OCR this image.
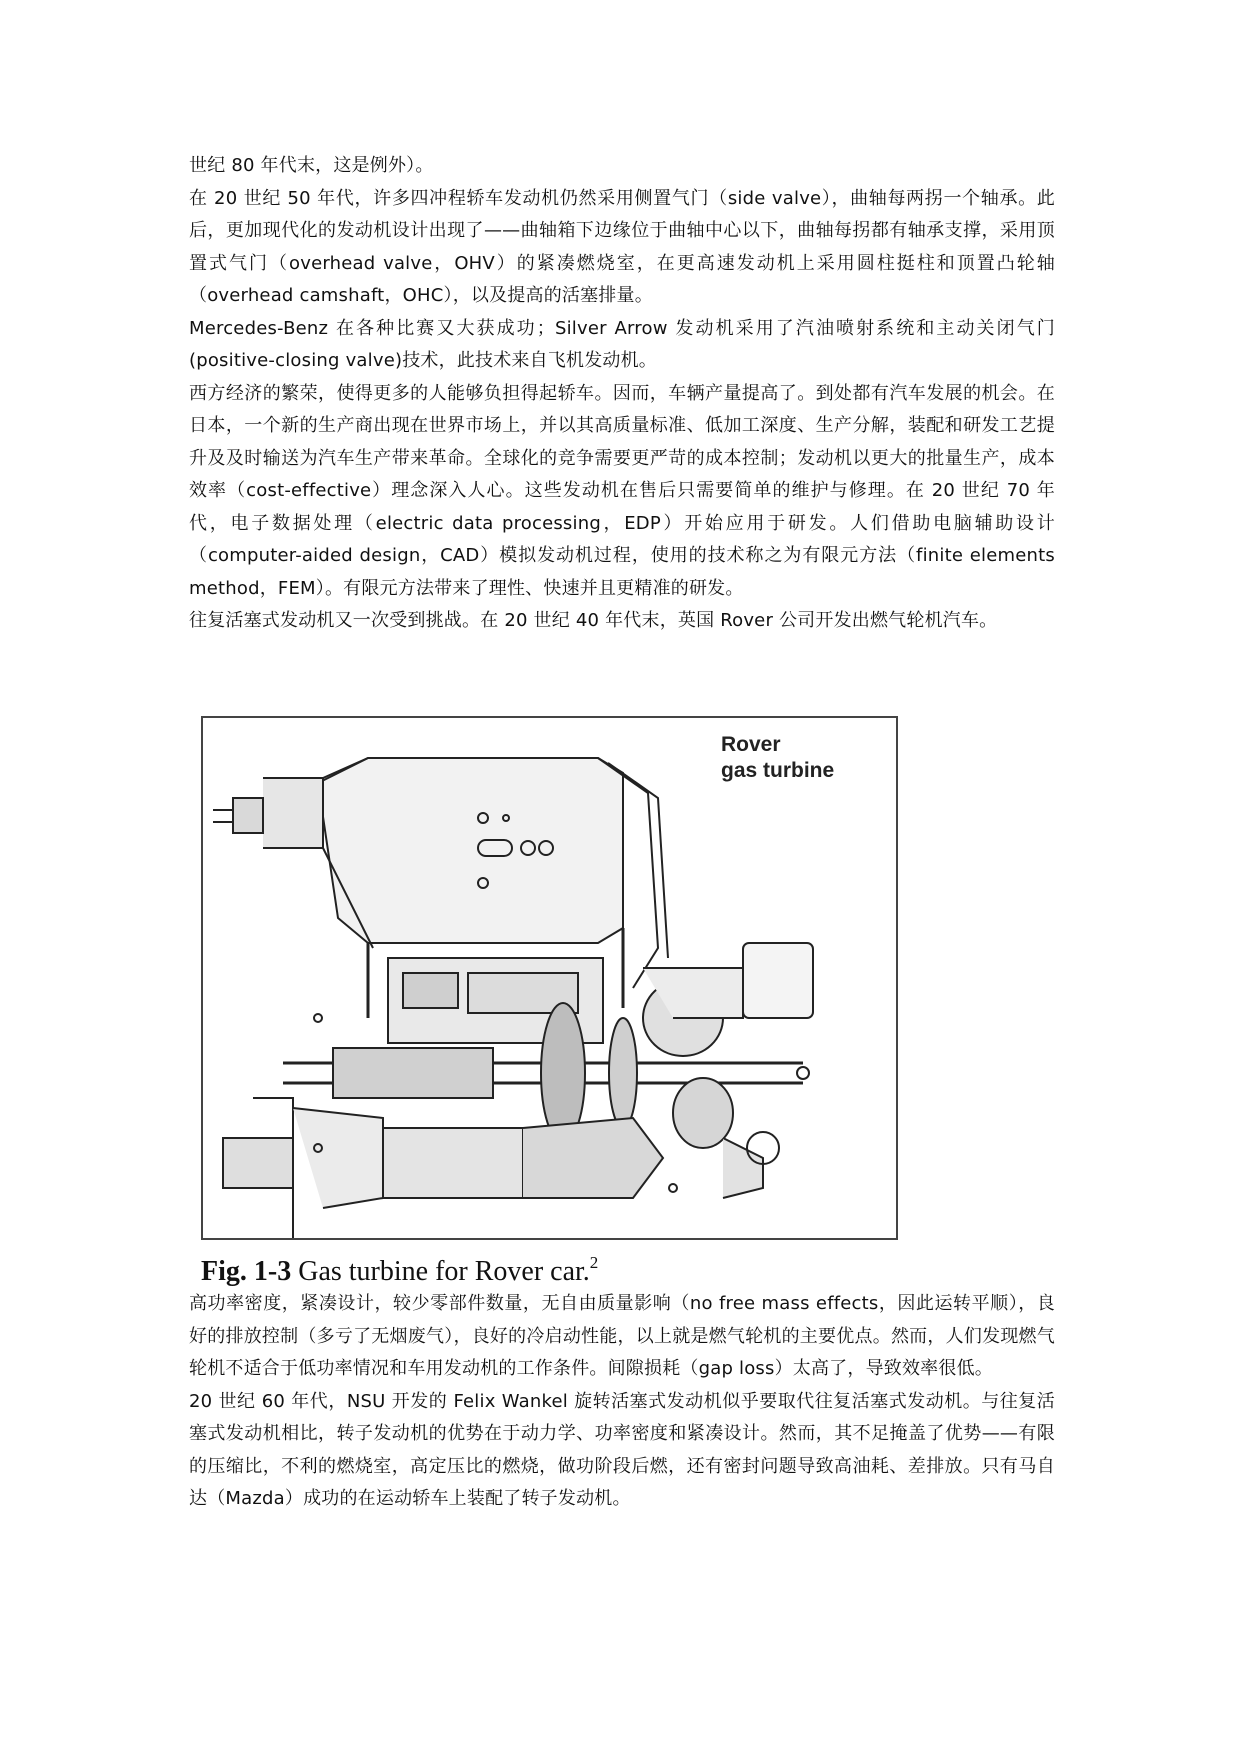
世纪 80 年代末，这是例外）。

在 20 世纪 50 年代，许多四冲程轿车发动机仍然采用侧置气门（side valve），曲轴每两拐一个轴承。此后，更加现代化的发动机设计出现了——曲轴箱下边缘位于曲轴中心以下，曲轴每拐都有轴承支撑，采用顶置式气门（overhead valve，OHV）的紧凑燃烧室，在更高速发动机上采用圆柱挺柱和顶置凸轮轴（overhead camshaft，OHC），以及提高的活塞排量。

Mercedes-Benz 在各种比赛又大获成功；Silver Arrow 发动机采用了汽油喷射系统和主动关闭气门(positive-closing valve)技术，此技术来自飞机发动机。

西方经济的繁荣，使得更多的人能够负担得起轿车。因而，车辆产量提高了。到处都有汽车发展的机会。在日本，一个新的生产商出现在世界市场上，并以其高质量标准、低加工深度、生产分解，装配和研发工艺提升及及时输送为汽车生产带来革命。全球化的竞争需要更严苛的成本控制；发动机以更大的批量生产，成本效率（cost-effective）理念深入人心。这些发动机在售后只需要简单的维护与修理。在 20 世纪 70 年代，电子数据处理（electric data processing，EDP）开始应用于研发。人们借助电脑辅助设计（computer-aided design，CAD）模拟发动机过程，使用的技术称之为有限元方法（finite elements method，FEM）。有限元方法带来了理性、快速并且更精准的研发。

往复活塞式发动机又一次受到挑战。在 20 世纪 40 年代末，英国 Rover 公司开发出燃气轮机汽车。

Rover
gas turbine
Fig. 1-3 Gas turbine for Rover car.$^2$

高功率密度，紧凑设计，较少零部件数量，无自由质量影响（no free mass effects，因此运转平顺），良好的排放控制（多亏了无烟废气），良好的冷启动性能，以上就是燃气轮机的主要优点。然而，人们发现燃气轮机不适合于低功率情况和车用发动机的工作条件。间隙损耗（gap loss）太高了，导致效率很低。

20 世纪 60 年代，NSU 开发的 Felix Wankel 旋转活塞式发动机似乎要取代往复活塞式发动机。与往复活塞式发动机相比，转子发动机的优势在于动力学、功率密度和紧凑设计。然而，其不足掩盖了优势——有限的压缩比，不利的燃烧室，高定压比的燃烧，做功阶段后燃，还有密封问题导致高油耗、差排放。只有马自达（Mazda）成功的在运动轿车上装配了转子发动机。
